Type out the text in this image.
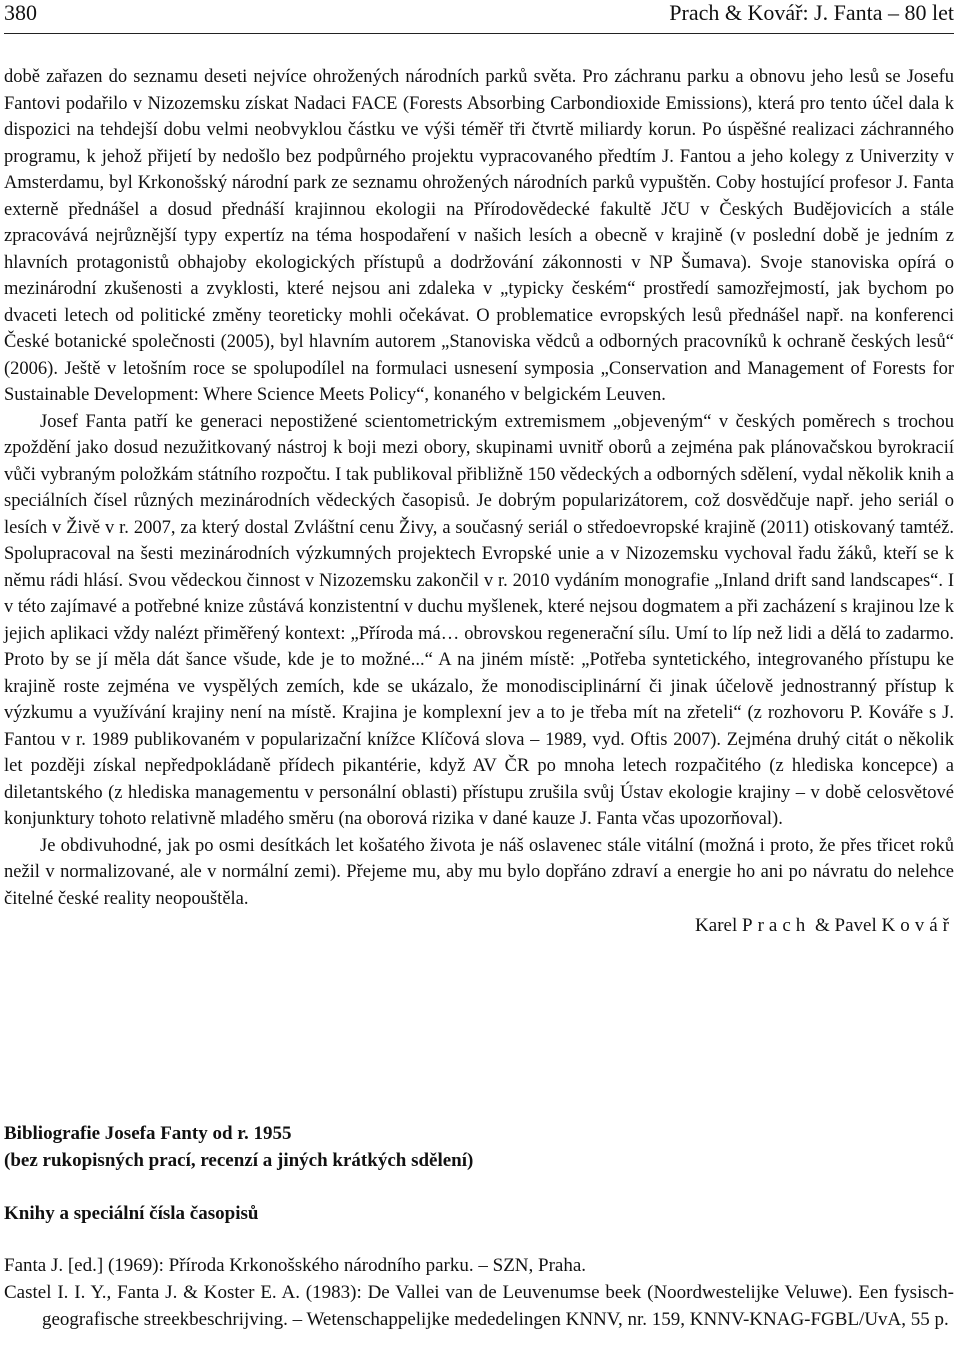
380	Prach & Kovář: J. Fanta – 80 let

době zařazen do seznamu deseti nejvíce ohrožených národních parků světa. Pro záchranu parku a obnovu jeho lesů se Josefu Fantovi podařilo v Nizozemsku získat Nadaci FACE (Forests Absorbing Carbondioxide Emissions), která pro tento účel dala k dispozici na tehdejší dobu velmi neobvyklou částku ve výši téměř tři čtvrtě miliardy korun. Po úspěšné realizaci záchranného programu, k jehož přijetí by nedošlo bez podpůrného projektu vypracovaného předtím J. Fantou a jeho kolegy z Univerzity v Amsterdamu, byl Krkonošský národní park ze seznamu ohrožených národních parků vypuštěn. Coby hostující profesor J. Fanta externě přednášel a dosud přednáší krajinnou ekologii na Přírodovědecké fakultě JčU v Českých Budějovicích a stále zpracovává nejrůznější typy expertíz na téma hospodaření v našich lesích a obecně v krajině (v poslední době je jedním z hlavních protagonistů obhajoby ekologických přístupů a dodržování zákonnosti v NP Šumava). Svoje stanoviska opírá o mezinárodní zkušenosti a zvyklosti, které nejsou ani zdaleka v „typicky českém“ prostředí samozřejmostí, jak bychom po dvaceti letech od politické změny teoreticky mohli očekávat. O problematice evropských lesů přednášel např. na konferenci České botanické společnosti (2005), byl hlavním autorem „Stanoviska vědců a odborných pracovníků k ochraně českých lesů“ (2006). Ještě v letošním roce se spolupodílel na formulaci usnesení symposia „Conservation and Management of Forests for Sustainable Development: Where Science Meets Policy“, konaného v belgickém Leuven.

Josef Fanta patří ke generaci nepostižené scientometrickým extremismem „objeveným“ v českých poměrech s trochou zpoždění jako dosud nezužitkovaný nástroj k boji mezi obory, skupinami uvnitř oborů a zejména pak plánovačskou byrokracií vůči vybraným položkám státního rozpočtu. I tak publikoval přibližně 150 vědeckých a odborných sdělení, vydal několik knih a speciálních čísel různých mezinárodních vědeckých časopisů. Je dobrým popularizátorem, což dosvědčuje např. jeho seriál o lesích v Živě v r. 2007, za který dostal Zvláštní cenu Živy, a současný seriál o středoevropské krajině (2011) otiskovaný tamtéž. Spolupracoval na šesti mezinárodních výzkumných projektech Evropské unie a v Nizozemsku vychoval řadu žáků, kteří se k němu rádi hlásí. Svou vědeckou činnost v Nizozemsku zakončil v r. 2010 vydáním monografie „Inland drift sand landscapes“. I v této zajímavé a potřebné knize zůstává konzistentní v duchu myšlenek, které nejsou dogmatem a při zacházení s krajinou lze k jejich aplikaci vždy nalézt přiměřený kontext: „Příroda má… obrovskou regenerační sílu. Umí to líp než lidi a dělá to zadarmo. Proto by se jí měla dát šance všude, kde je to možné...“ A na jiném místě: „Potřeba syntetického, integrovaného přístupu ke krajině roste zejména ve vyspělých zemích, kde se ukázalo, že monodisciplinární či jinak účelově jednostranný přístup k výzkumu a využívání krajiny není na místě. Krajina je komplexní jev a to je třeba mít na zřeteli“ (z rozhovoru P. Kováře s J. Fantou v r. 1989 publikovaném v popularizační knížce Klíčová slova – 1989, vyd. Oftis 2007). Zejména druhý citát o několik let později získal nepředpokládaně přídech pikantérie, když AV ČR po mnoha letech rozpačitého (z hlediska koncepce) a diletantského (z hlediska managementu v personální oblasti) přístupu zrušila svůj Ústav ekologie krajiny – v době celosvětové konjunktury tohoto relativně mladého směru (na oborová rizika v dané kauze J. Fanta včas upozorňoval).

Je obdivuhodné, jak po osmi desítkách let košatého života je náš oslavenec stále vitální (možná i proto, že přes třicet roků nežil v normalizované, ale v normální zemi). Přejeme mu, aby mu bylo dopřáno zdraví a energie ho ani po návratu do nelehce čitelné české reality neopouštěla.

Karel Prach & Pavel Kovář

Bibliografie Josefa Fanty od r. 1955

(bez rukopisných prací, recenzí a jiných krátkých sdělení)

Knihy a speciální čísla časopisů

Fanta J. [ed.] (1969): Příroda Krkonošského národního parku. – SZN, Praha.

Castel I. I. Y., Fanta J. & Koster E. A. (1983): De Vallei van de Leuvenumse beek (Noordwestelijke Veluwe). Een fysisch-geografische streekbeschrijving. – Wetenschappelijke mededelingen KNNV, nr. 159, KNNV-KNAG-FGBL/UvA, 55 p.
